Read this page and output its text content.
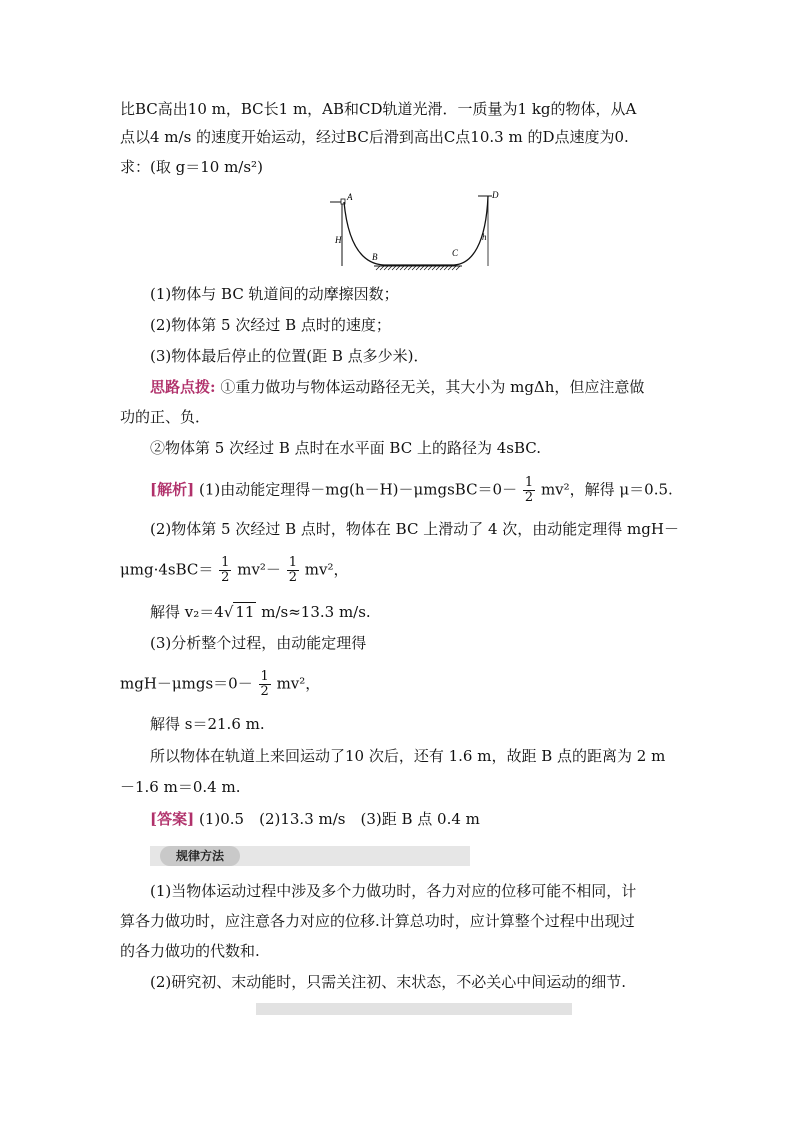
比BC高出10 m，BC长1 m，AB和CD轨道光滑．一质量为1 kg的物体，从A
点以4 m/s 的速度开始运动，经过BC后滑到高出C点10.3 m 的D点速度为0.
求：(取 g＝10 m/s²)
A
H
B	C
D
h
(1)物体与 BC 轨道间的动摩擦因数；
(2)物体第 5 次经过 B 点时的速度；
(3)物体最后停止的位置(距 B 点多少米)．
思路点拨: ①重力做功与物体运动路径无关，其大小为 mgΔh，但应注意做
功的正、负．
②物体第 5 次经过 B 点时在水平面 BC 上的路径为 4sBC.
[解析] (1)由动能定理得－mg(h－H)－μmgsBC＝0－ $\frac{1}{2} mv^2$，解得 μ＝0.5.
(2)物体第 5 次经过 B 点时，物体在 BC 上滑动了 4 次，由动能定理得 mgH－
$\mu mg\cdot 4sBC= \frac{1}{2} mv^2- \frac{1}{2} mv^2$，
解得 v₂＝4√ 11 m/s≈13.3 m/s.
(3)分析整个过程，由动能定理得
$mgH-\mu mgs=0- \frac{1}{2} mv^2$，
解得 s＝21.6 m.
所以物体在轨道上来回运动了10 次后，还有 1.6 m，故距 B 点的距离为 2 m
－1.6 m＝0.4 m.
[答案] (1)0.5　(2)13.3 m/s　(3)距 B 点 0.4 m
规律方法
(1)当物体运动过程中涉及多个力做功时，各力对应的位移可能不相同，计
算各力做功时，应注意各力对应的位移.计算总功时，应计算整个过程中出现过
的各力做功的代数和.
(2)研究初、末动能时，只需关注初、末状态，不必关心中间运动的细节.
